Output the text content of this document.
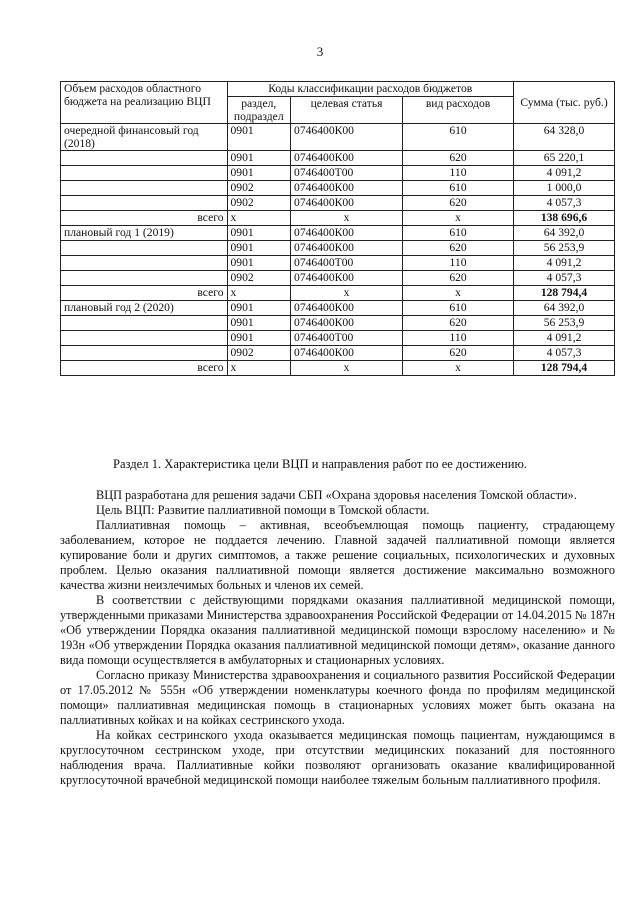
3
Объем расходов областного бюджета на реализацию ВЦП	Коды классификации расходов бюджетов			Сумма (тыс. руб.)
	раздел, подраздел	целевая статья	вид расходов	
очередной финансовый год (2018)	0901	0746400К00	610	64 328,0
	0901	0746400К00	620	65 220,1
	0901	0746400Т00	110	4 091,2
	0902	0746400К00	610	1 000,0
	0902	0746400К00	620	4 057,3
всего	х	х	х	138 696,6
плановый год 1 (2019)	0901	0746400К00	610	64 392,0
	0901	0746400К00	620	56 253,9
	0901	0746400Т00	110	4 091,2
	0902	0746400К00	620	4 057,3
всего	х	х	х	128 794,4
плановый год 2 (2020)	0901	0746400К00	610	64 392,0
	0901	0746400К00	620	56 253,9
	0901	0746400Т00	110	4 091,2
	0902	0746400К00	620	4 057,3
всего	х	х	х	128 794,4
Раздел 1. Характеристика цели ВЦП и направления работ по ее достижению.

ВЦП разработана для решения задачи СБП «Охрана здоровья населения Томской области».

Цель ВЦП: Развитие паллиативной помощи в Томской области.

Паллиативная помощь – активная, всеобъемлющая помощь пациенту, страдающему заболеванием, которое не поддается лечению. Главной задачей паллиативной помощи является купирование боли и других симптомов, а также решение социальных, психологических и духовных проблем. Целью оказания паллиативной помощи является достижение максимально возможного качества жизни неизлечимых больных и членов их семей.

В соответствии с действующими порядками оказания паллиативной медицинской помощи, утвержденными приказами Министерства здравоохранения Российской Федерации от 14.04.2015 № 187н «Об утверждении Порядка оказания паллиативной медицинской помощи взрослому населению» и № 193н «Об утверждении Порядка оказания паллиативной медицинской помощи детям», оказание данного вида помощи осуществляется в амбулаторных и стационарных условиях.

Согласно приказу Министерства здравоохранения и социального развития Российской Федерации от 17.05.2012 № 555н «Об утверждении номенклатуры коечного фонда по профилям медицинской помощи» паллиативная медицинская помощь в стационарных условиях может быть оказана на паллиативных койках и на койках сестринского ухода.

На койках сестринского ухода оказывается медицинская помощь пациентам, нуждающимся в круглосуточном сестринском уходе, при отсутствии медицинских показаний для постоянного наблюдения врача. Паллиативные койки позволяют организовать оказание квалифицированной круглосуточной врачебной медицинской помощи наиболее тяжелым больным паллиативного профиля.
